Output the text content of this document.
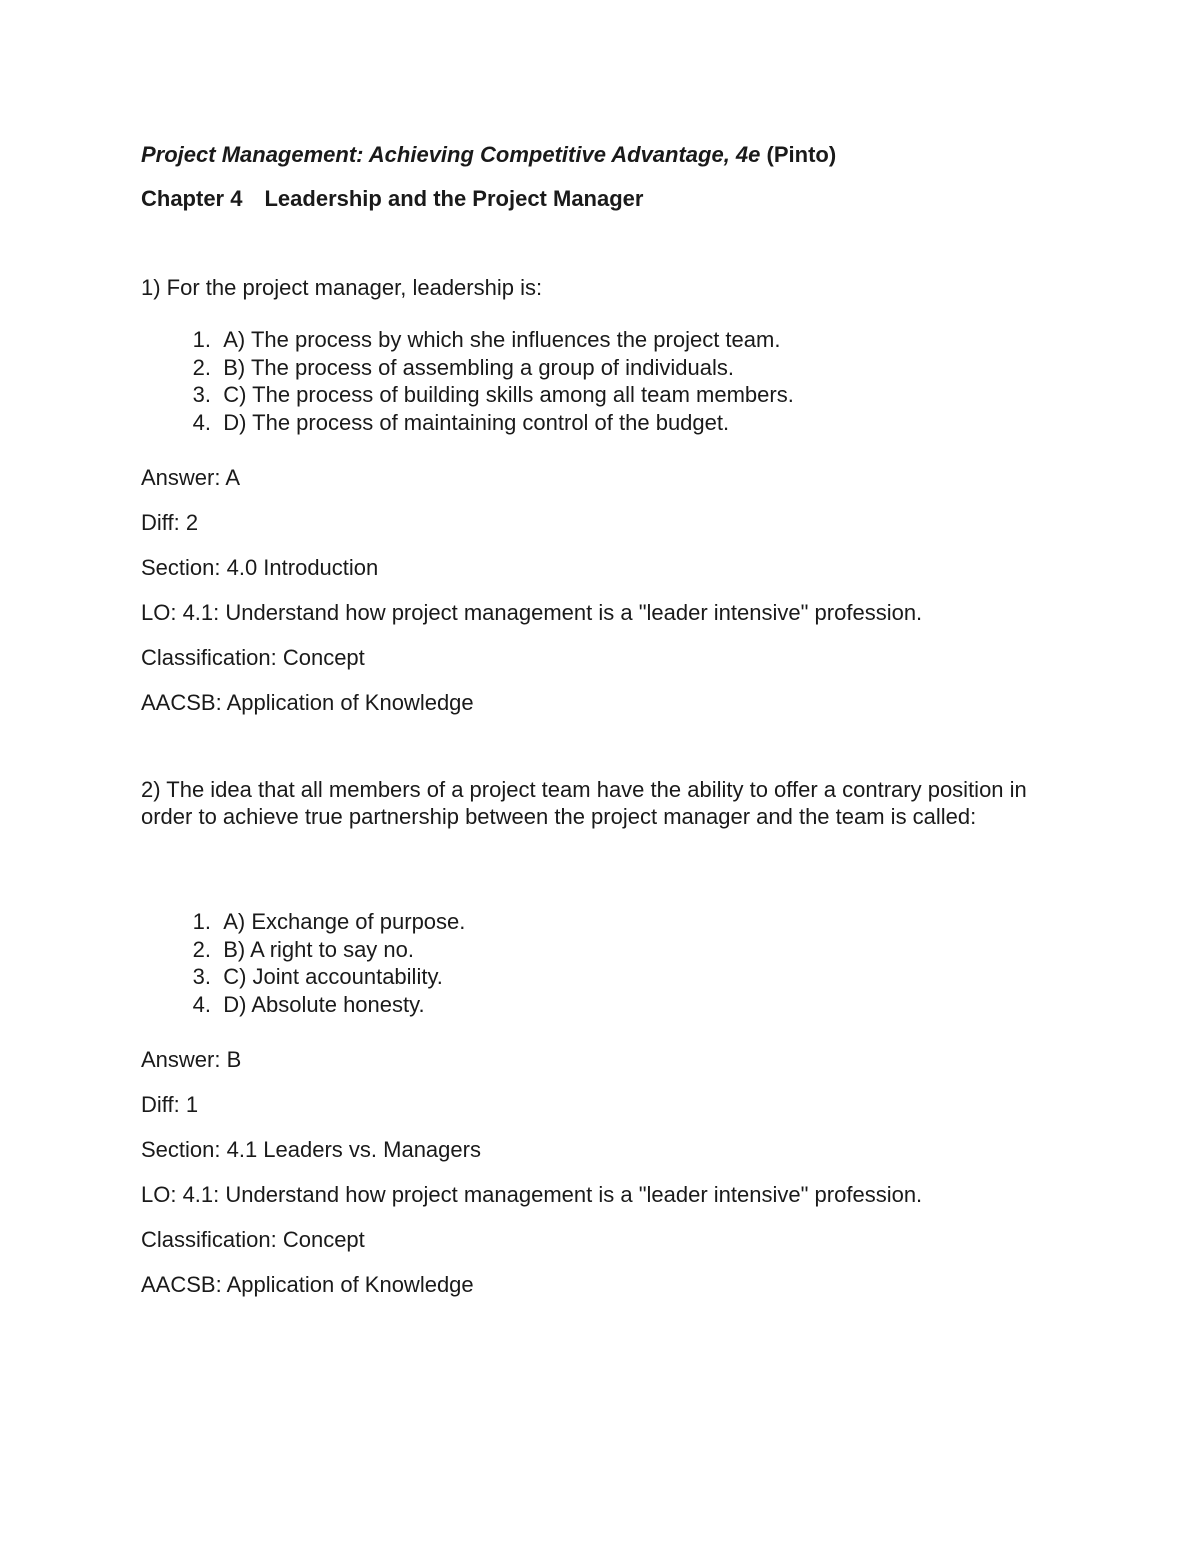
Project Management: Achieving Competitive Advantage, 4e (Pinto)

Chapter 4 Leadership and the Project Manager

1) For the project manager, leadership is:

1.
A) The process by which she influences the project team.
2.
B) The process of assembling a group of individuals.
3.
C) The process of building skills among all team members.
4.
D) The process of maintaining control of the budget.

Answer: A

Diff: 2

Section: 4.0 Introduction

LO: 4.1: Understand how project management is a "leader intensive" profession.

Classification: Concept

AACSB: Application of Knowledge

2) The idea that all members of a project team have the ability to offer a contrary position in order to achieve true partnership between the project manager and the team is called:

1.
A) Exchange of purpose.
2.
B) A right to say no.
3.
C) Joint accountability.
4.
D) Absolute honesty.

Answer: B

Diff: 1

Section: 4.1 Leaders vs. Managers

LO: 4.1: Understand how project management is a "leader intensive" profession.

Classification: Concept

AACSB: Application of Knowledge
